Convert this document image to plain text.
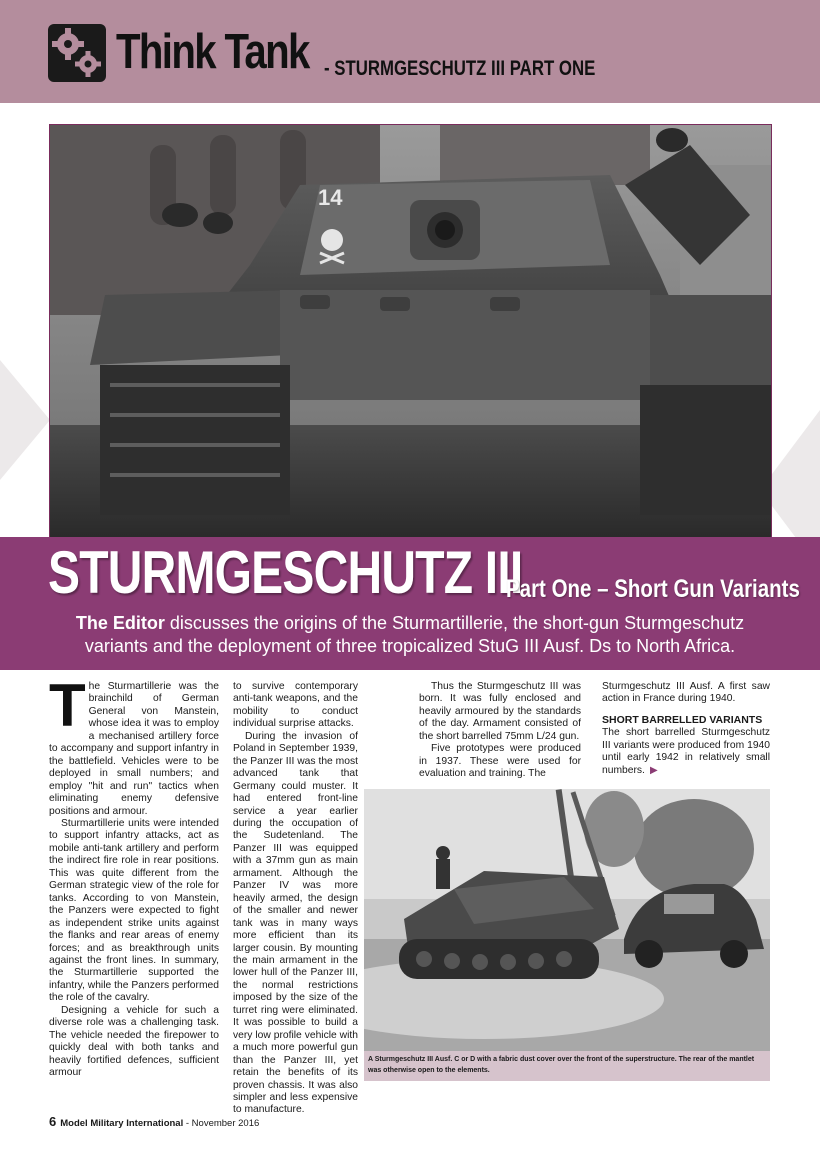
Think Tank - STURMGESCHUTZ III PART ONE
14
STURMGESCHUTZ III
Part One – Short Gun Variants
The Editor discusses the origins of the Sturmartillerie, the short-gun Sturmgeschutz variants and the deployment of three tropicalized StuG III Ausf. Ds to North Africa.

The Sturmartillerie was the brainchild of German General von Manstein, whose idea it was to employ a mechanised artillery force to accompany and support infantry in the battlefield. Vehicles were to be deployed in small numbers; and employ "hit and run" tactics when eliminating enemy defensive positions and armour.

Sturmartillerie units were intended to support infantry attacks, act as mobile anti-tank artillery and perform the indirect fire role in rear positions. This was quite different from the German strategic view of the role for tanks. According to von Manstein, the Panzers were expected to fight as independent strike units against the flanks and rear areas of enemy forces; and as breakthrough units against the front lines. In summary, the Sturmartillerie supported the infantry, while the Panzers performed the role of the cavalry.

Designing a vehicle for such a diverse role was a challenging task. The vehicle needed the firepower to quickly deal with both tanks and heavily fortified defences, sufficient armour

to survive contemporary anti-tank weapons, and the mobility to conduct individual surprise attacks.

During the invasion of Poland in September 1939, the Panzer III was the most advanced tank that Germany could muster. It had entered front-line service a year earlier during the occupation of the Sudetenland. The Panzer III was equipped with a 37mm gun as main armament. Although the Panzer IV was more heavily armed, the design of the smaller and newer tank was in many ways more efficient than its larger cousin. By mounting the main armament in the lower hull of the Panzer III, the normal restrictions imposed by the size of the turret ring were eliminated. It was possible to build a very low profile vehicle with a much more powerful gun than the Panzer III, yet retain the benefits of its proven chassis. It was also simpler and less expensive to manufacture.

Thus the Sturmgeschutz III was born. It was fully enclosed and heavily armoured by the standards of the day. Armament consisted of the short barrelled 75mm L/24 gun.

Five prototypes were produced in 1937. These were used for evaluation and training. The

Sturmgeschutz III Ausf. A first saw action in France during 1940.

SHORT BARRELLED VARIANTS

The short barrelled Sturmgeschutz III variants were produced from 1940 until early 1942 in relatively small numbers. ▶

A Sturmgeschutz III Ausf. C or D with a fabric dust cover over the front of the superstructure. The rear of the mantlet was otherwise open to the elements.
6 Model Military International - November 2016
